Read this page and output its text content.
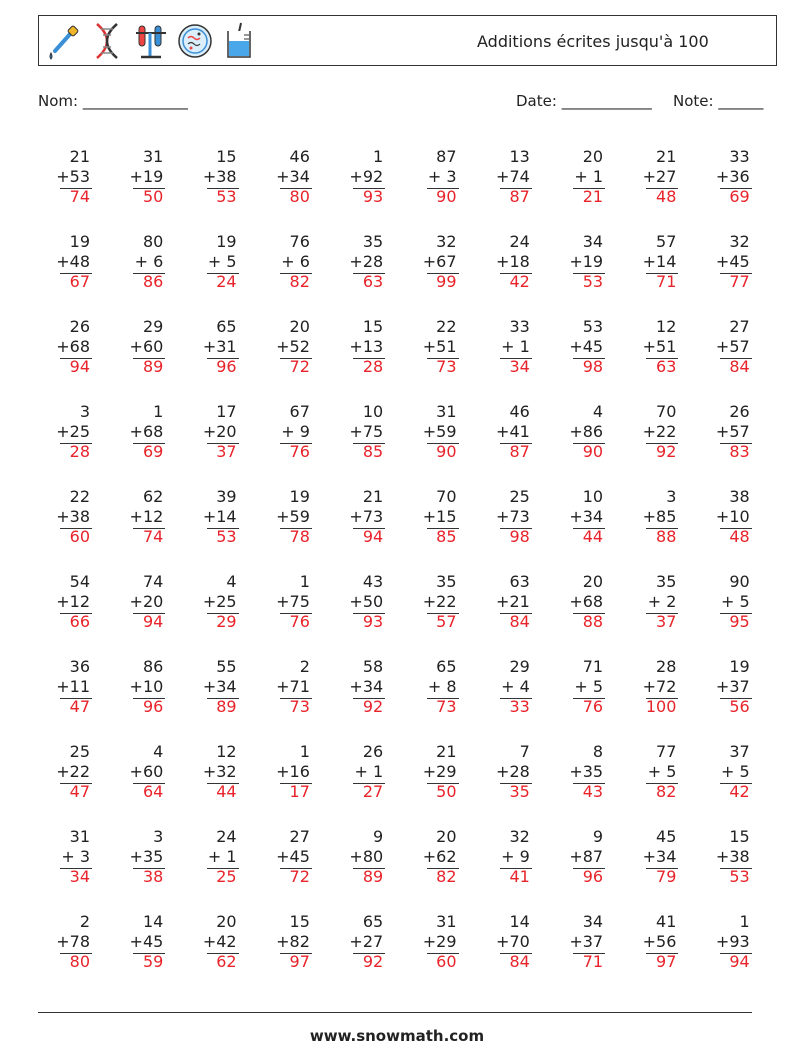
Additions écrites jusqu'à 100
Nom: ______________	Date: ____________ Note: ______
21
+53
74
31
+19
50
15
+38
53
46
+34
80
1
+92
93
87
+ 3
90
13
+74
87
20
+ 1
21
21
+27
48
33
+36
69
19
+48
67
80
+ 6
86
19
+ 5
24
76
+ 6
82
35
+28
63
32
+67
99
24
+18
42
34
+19
53
57
+14
71
32
+45
77
26
+68
94
29
+60
89
65
+31
96
20
+52
72
15
+13
28
22
+51
73
33
+ 1
34
53
+45
98
12
+51
63
27
+57
84
3
+25
28
1
+68
69
17
+20
37
67
+ 9
76
10
+75
85
31
+59
90
46
+41
87
4
+86
90
70
+22
92
26
+57
83
22
+38
60
62
+12
74
39
+14
53
19
+59
78
21
+73
94
70
+15
85
25
+73
98
10
+34
44
3
+85
88
38
+10
48
54
+12
66
74
+20
94
4
+25
29
1
+75
76
43
+50
93
35
+22
57
63
+21
84
20
+68
88
35
+ 2
37
90
+ 5
95
36
+11
47
86
+10
96
55
+34
89
2
+71
73
58
+34
92
65
+ 8
73
29
+ 4
33
71
+ 5
76
28
+72
100
19
+37
56
25
+22
47
4
+60
64
12
+32
44
1
+16
17
26
+ 1
27
21
+29
50
7
+28
35
8
+35
43
77
+ 5
82
37
+ 5
42
31
+ 3
34
3
+35
38
24
+ 1
25
27
+45
72
9
+80
89
20
+62
82
32
+ 9
41
9
+87
96
45
+34
79
15
+38
53
2
+78
80
14
+45
59
20
+42
62
15
+82
97
65
+27
92
31
+29
60
14
+70
84
34
+37
71
41
+56
97
1
+93
94
www.snowmath.com
